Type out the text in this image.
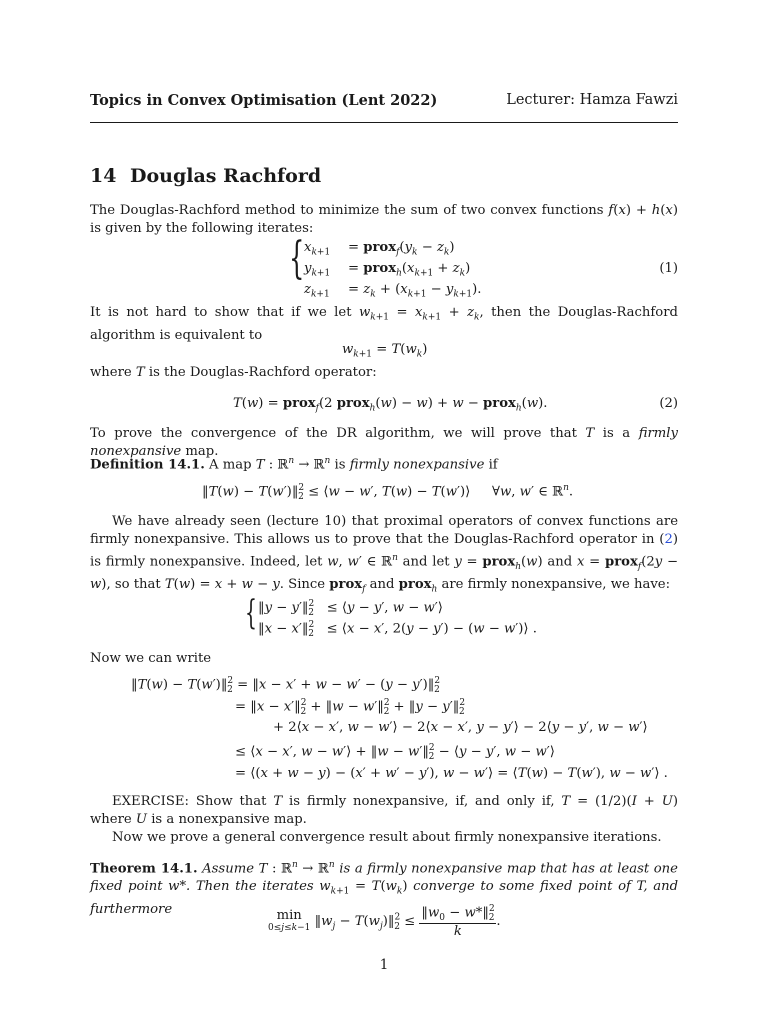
Topics in Convex Optimisation (Lent 2022)	Lecturer: Hamza Fawzi
14 Douglas Rachford
The Douglas-Rachford method to minimize the sum of two convex functions f(x) + h(x) is given by the following iterates:
{ $x_{k+1}$ = $prox_f(y_k - z_k)$
$y_{k+1}$ = $prox_h(x_{k+1} + z_k)$
$z_{k+1} = z_k + (x_{k+1} - y_{k+1})$.
(1)
It is not hard to show that if we let $w_{k+1} = x_{k+1} + z_k$, then the Douglas-Rachford algorithm is equivalent to
$w_{k+1} = T(w_k)$
where T is the Douglas-Rachford operator:
T(w) = prox$_f$(2 prox$_h$(w) − w) + w − prox$_h$(w).	(2)
To prove the convergence of the DR algorithm, we will prove that T is a firmly nonexpansive map.
Definition 14.1. A map T : ℝ$^n$ → ℝ$^n$ is firmly nonexpansive if
‖T(w) − T(w′)‖$^2_2$ ≤ ⟨w − w′, T(w) − T(w′)⟩ ∀w, w′ ∈ ℝ$^n$.
We have already seen (lecture 10) that proximal operators of convex functions are firmly nonexpansive. This allows us to prove that the Douglas-Rachford operator in (2) is firmly nonexpansive. Indeed, let w, w′ ∈ ℝ$^n$ and let y = prox$_h$(w) and x = prox$_f$(2y − w), so that T(w) = x + w − y. Since prox$_f$ and prox$_h$ are firmly nonexpansive, we have:
{ ‖y − y′‖$^2_2$   ≤ ⟨y − y′, w − w′⟩
‖x − x′‖$^2_2$   ≤ ⟨x − x′, 2(y − y′) − (w − w′)⟩ .
Now we can write
‖T(w) − T(w′)‖$^2_2$ = ‖x − x′ + w − w′ − (y − y′)‖$^2_2$
= ‖x − x′‖$^2_2$ + ‖w − w′‖$^2_2$ + ‖y − y′‖$^2_2$
+ 2⟨x − x′, w − w′⟩ − 2⟨x − x′, y − y′⟩ − 2⟨y − y′, w − w′⟩
≤ ⟨x − x′, w − w′⟩ + ‖w − w′‖$^2_2$ − ⟨y − y′, w − w′⟩
= ⟨(x + w − y) − (x′ + w′ − y′), w − w′⟩ = ⟨T(w) − T(w′), w − w′⟩ .
EXERCISE: Show that T is firmly nonexpansive, if, and only if, T = (1/2)(I + U) where U is a nonexpansive map.
Now we prove a general convergence result about firmly nonexpansive iterations.
Theorem 14.1. Assume T : ℝ$^n$ → ℝ$^n$ is a firmly nonexpansive map that has at least one fixed point w*. Then the iterates $w_{k+1} = T(w_k)$ converge to some fixed point of T, and furthermore	min
0≤j≤k−1 $‖w_j$ − $T(w_j)‖^2_2 \le \frac{‖w_0 - w*‖^2_2}{k}$ .
1
